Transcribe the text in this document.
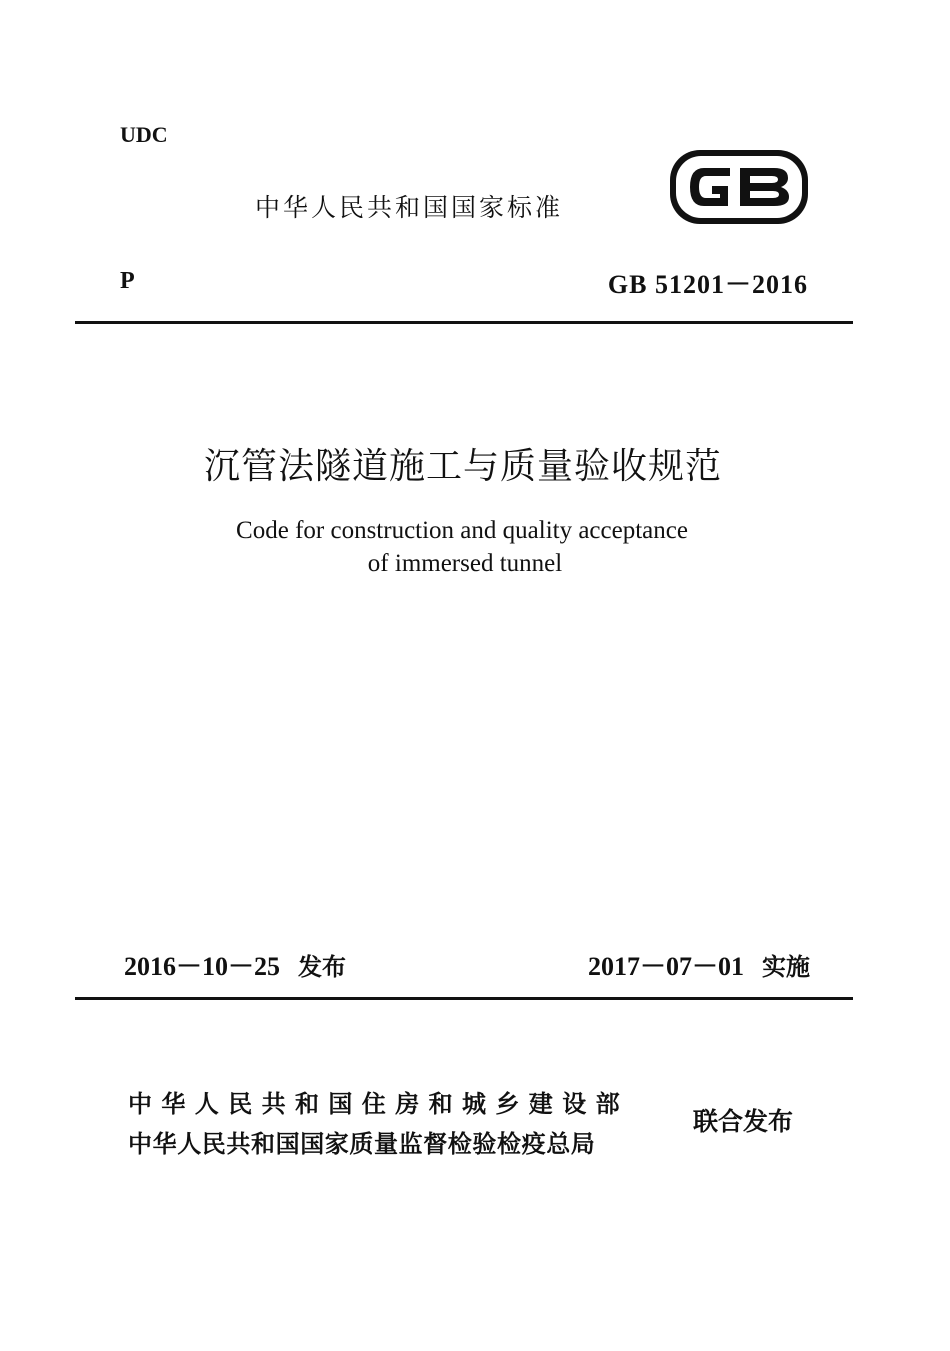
UDC
中华人民共和国国家标准
P	GB 51201－2016
沉管法隧道施工与质量验收规范
Code for construction and quality acceptance
of immersed tunnel
2016－10－25 发布	2017－07－01 实施
中华人民共和国住房和城乡建设部
中华人民共和国国家质量监督检验检疫总局
联合发布
